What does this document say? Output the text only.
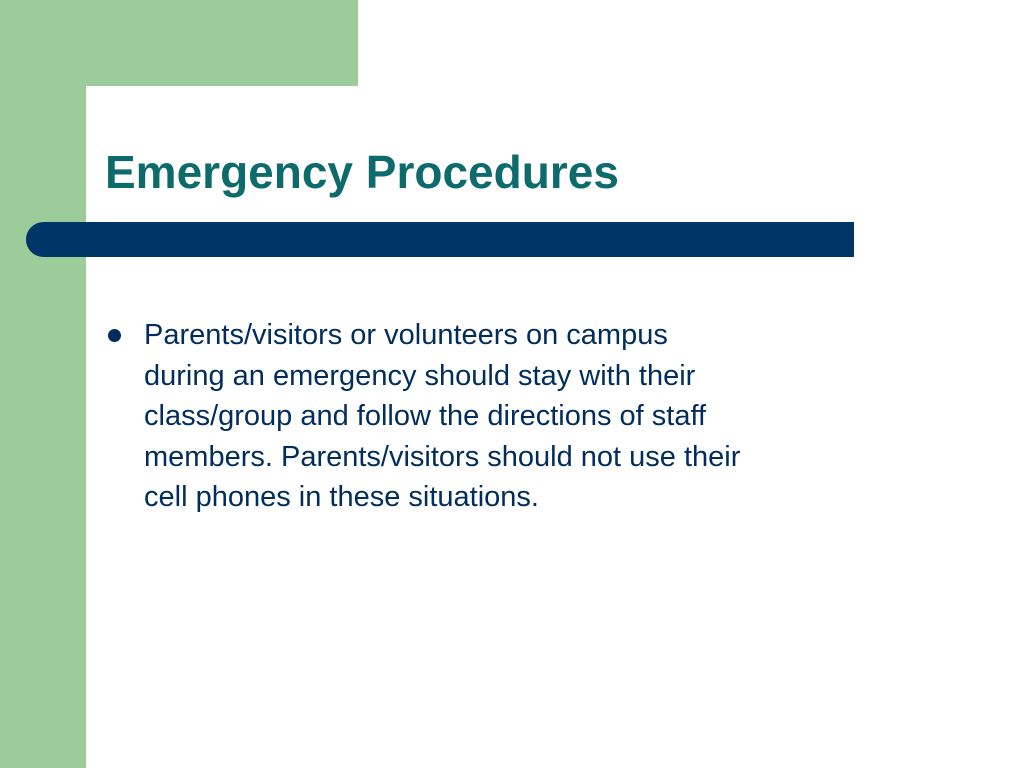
Emergency Procedures
Parents/visitors or volunteers on campus
during an emergency should stay with their
class/group and follow the directions of staff
members. Parents/visitors should not use their
cell phones in these situations.
